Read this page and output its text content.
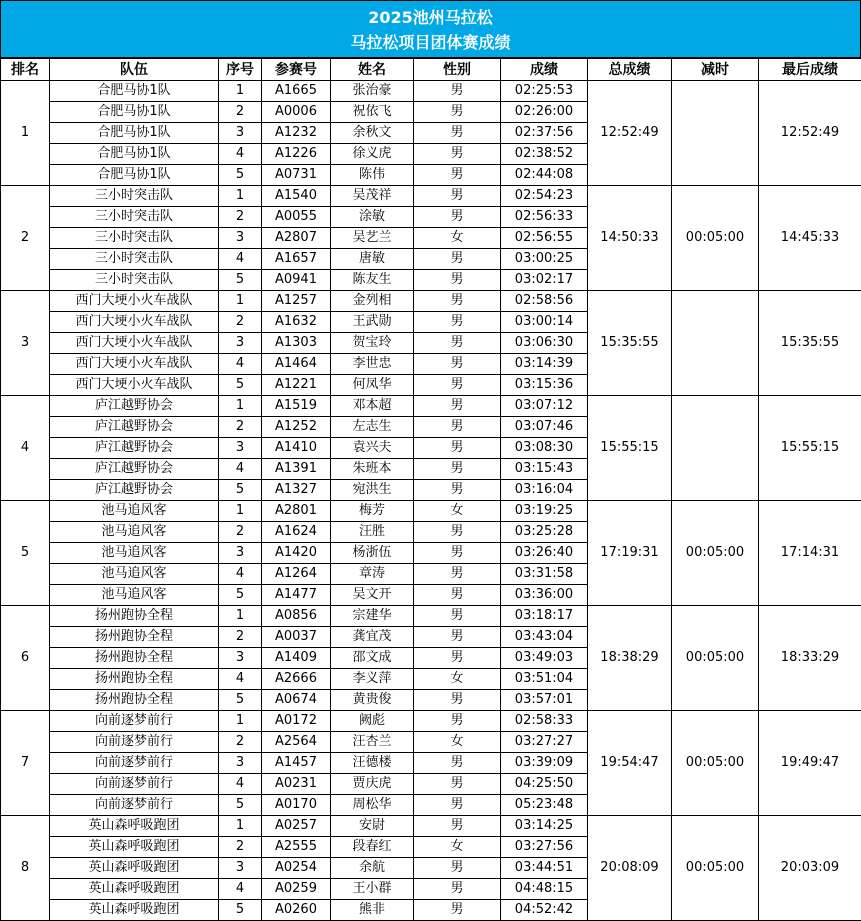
2025池州马拉松
马拉松项目团体赛成绩
排名	队伍	序号	参赛号	姓名	性别	成绩	总成绩	减时	最后成绩
1	合肥马协1队	1	A1665	张治豪	男	02:25:53	12:52:49		12:52:49
	合肥马协1队	2	A0006	祝依飞	男	02:26:00			
	合肥马协1队	3	A1232	余秋文	男	02:37:56			
	合肥马协1队	4	A1226	徐义虎	男	02:38:52			
	合肥马协1队	5	A0731	陈伟	男	02:44:08			
2	三小时突击队	1	A1540	吴茂祥	男	02:54:23	14:50:33	00:05:00	14:45:33
	三小时突击队	2	A0055	涂敏	男	02:56:33			
	三小时突击队	3	A2807	吴艺兰	女	02:56:55			
	三小时突击队	4	A1657	唐敏	男	03:00:25			
	三小时突击队	5	A0941	陈友生	男	03:02:17			
3	西门大埂小火车战队	1	A1257	金列相	男	02:58:56	15:35:55		15:35:55
	西门大埂小火车战队	2	A1632	王武勋	男	03:00:14			
	西门大埂小火车战队	3	A1303	贺宝玲	男	03:06:30			
	西门大埂小火车战队	4	A1464	李世忠	男	03:14:39			
	西门大埂小火车战队	5	A1221	何凤华	男	03:15:36			
4	庐江越野协会	1	A1519	邓本超	男	03:07:12	15:55:15		15:55:15
	庐江越野协会	2	A1252	左志生	男	03:07:46			
	庐江越野协会	3	A1410	袁兴夫	男	03:08:30			
	庐江越野协会	4	A1391	朱班本	男	03:15:43			
	庐江越野协会	5	A1327	宛洪生	男	03:16:04			
5	池马追风客	1	A2801	梅芳	女	03:19:25	17:19:31	00:05:00	17:14:31
	池马追风客	2	A1624	汪胜	男	03:25:28			
	池马追风客	3	A1420	杨浙伍	男	03:26:40			
	池马追风客	4	A1264	章涛	男	03:31:58			
	池马追风客	5	A1477	吴文开	男	03:36:00			
6	扬州跑协全程	1	A0856	宗建华	男	03:18:17	18:38:29	00:05:00	18:33:29
	扬州跑协全程	2	A0037	龚宜茂	男	03:43:04			
	扬州跑协全程	3	A1409	邵文成	男	03:49:03			
	扬州跑协全程	4	A2666	李义萍	女	03:51:04			
	扬州跑协全程	5	A0674	黄贵俊	男	03:57:01			
7	向前逐梦前行	1	A0172	阙彪	男	02:58:33	19:54:47	00:05:00	19:49:47
	向前逐梦前行	2	A2564	汪杏兰	女	03:27:27			
	向前逐梦前行	3	A1457	汪德楼	男	03:39:09			
	向前逐梦前行	4	A0231	贾庆虎	男	04:25:50			
	向前逐梦前行	5	A0170	周松华	男	05:23:48			
8	英山森呼吸跑团	1	A0257	安尉	男	03:14:25	20:08:09	00:05:00	20:03:09
	英山森呼吸跑团	2	A2555	段春红	女	03:27:56			
	英山森呼吸跑团	3	A0254	余航	男	03:44:51			
	英山森呼吸跑团	4	A0259	王小群	男	04:48:15			
	英山森呼吸跑团	5	A0260	熊非	男	04:52:42			
